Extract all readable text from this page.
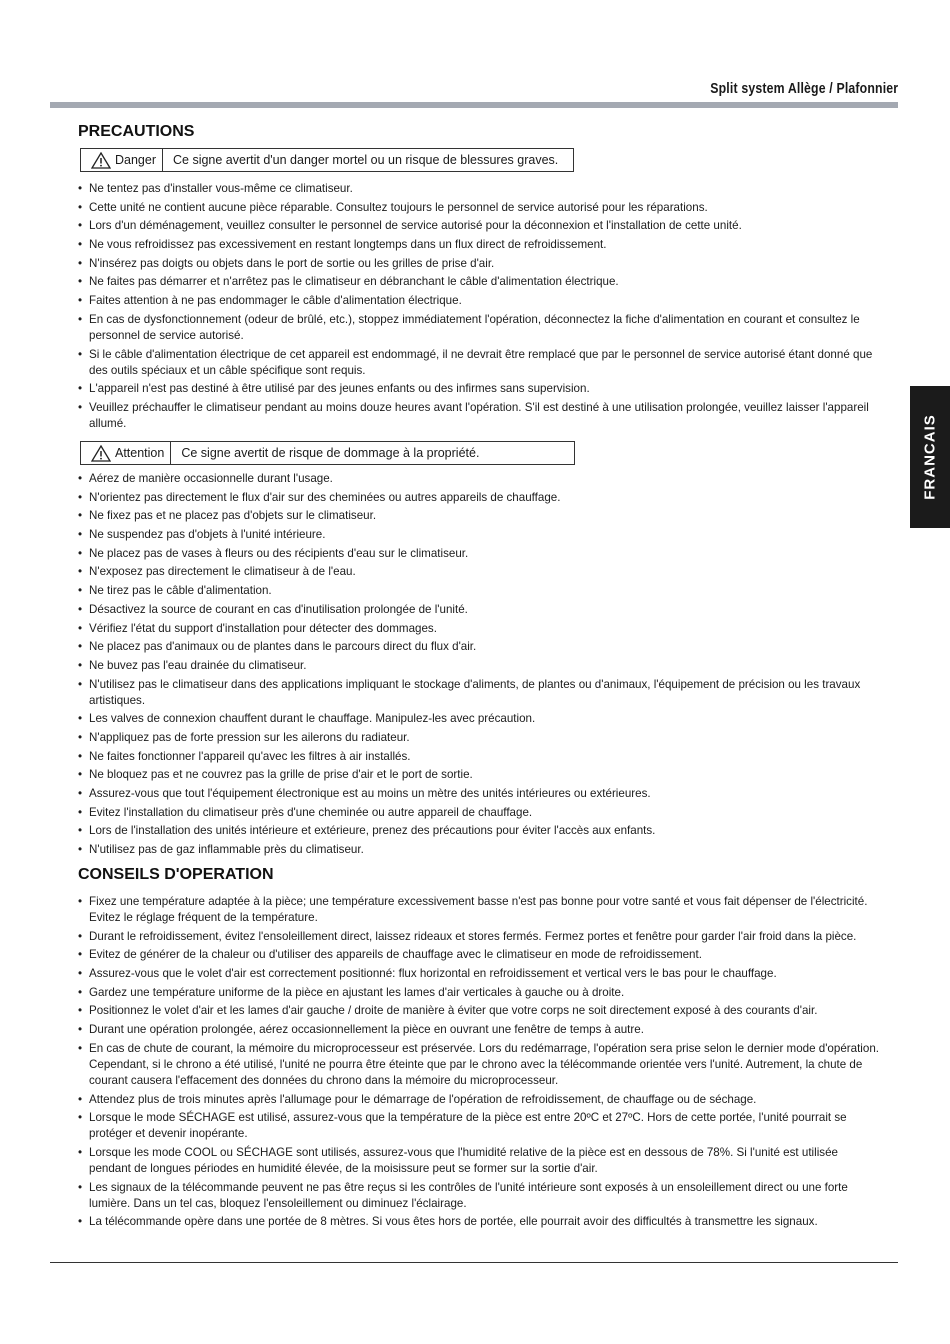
Split system Allège / Plafonnier
FRANCAIS
PRECAUTIONS
Danger	Ce signe avertit d'un danger mortel ou un risque de blessures graves.
• Ne tentez pas d'installer vous-même ce climatiseur.
• Cette unité ne contient aucune pièce réparable. Consultez toujours le personnel de service autorisé pour les réparations.
• Lors d'un déménagement, veuillez consulter le personnel de service autorisé pour la déconnexion et l'installation de cette unité.
• Ne vous refroidissez pas excessivement en restant longtemps dans un flux direct de refroidissement.
• N'insérez pas doigts ou objets dans le port de sortie ou les grilles de prise d'air.
• Ne faites pas démarrer et n'arrêtez pas le climatiseur en débranchant le câble d'alimentation électrique.
• Faites attention à ne pas endommager le câble d'alimentation électrique.
• En cas de dysfonctionnement (odeur de brûlé, etc.), stoppez immédiatement l'opération, déconnectez la fiche d'alimentation en courant et consultez le personnel de service autorisé.
• Si le câble d'alimentation électrique de cet appareil est endommagé, il ne devrait être remplacé que par le personnel de service autorisé étant donné que des outils spéciaux et un câble spécifique sont requis.
• L'appareil n'est pas destiné à être utilisé par des jeunes enfants ou des infirmes sans supervision.
• Veuillez préchauffer le climatiseur pendant au moins douze heures avant l'opération. S'il est destiné à une utilisation prolongée, veuillez laisser l'appareil allumé.
Attention	Ce signe avertit de risque de dommage à la propriété.
• Aérez de manière occasionnelle durant l'usage.
• N'orientez pas directement le flux d'air sur des cheminées ou autres appareils de chauffage.
• Ne fixez pas et ne placez pas d'objets sur le climatiseur.
• Ne suspendez pas d'objets à l'unité intérieure.
• Ne placez pas de vases à fleurs ou des récipients d'eau sur le climatiseur.
• N'exposez pas directement le climatiseur à de l'eau.
• Ne tirez pas le câble d'alimentation.
• Désactivez la source de courant en cas d'inutilisation prolongée de l'unité.
• Vérifiez l'état du support d'installation pour détecter des dommages.
• Ne placez pas d'animaux ou de plantes dans le parcours direct du flux d'air.
• Ne buvez pas l'eau drainée du climatiseur.
• N'utilisez pas le climatiseur dans des applications impliquant le stockage d'aliments, de plantes ou d'animaux, l'équipement de précision ou les travaux artistiques.
• Les valves de connexion chauffent durant le chauffage. Manipulez-les avec précaution.
• N'appliquez pas de forte pression sur les ailerons du radiateur.
• Ne faites fonctionner l'appareil qu'avec les filtres à air installés.
• Ne bloquez pas et ne couvrez pas la grille de prise d'air et le port de sortie.
• Assurez-vous que tout l'équipement électronique est au moins un mètre des unités intérieures ou extérieures.
• Evitez l'installation du climatiseur près d'une cheminée ou autre appareil de chauffage.
• Lors de l'installation des unités intérieure et extérieure, prenez des précautions pour éviter l'accès aux enfants.
• N'utilisez pas de gaz inflammable près du climatiseur.
CONSEILS D'OPERATION
• Fixez une température adaptée à la pièce; une température excessivement basse n'est pas bonne pour votre santé et vous fait dépenser de l'électricité. Evitez le réglage fréquent de la température.
• Durant le refroidissement, évitez l'ensoleillement direct, laissez rideaux et stores fermés. Fermez portes et fenêtre pour garder l'air froid dans la pièce.
• Evitez de générer de la chaleur ou d'utiliser des appareils de chauffage avec le climatiseur en mode de refroidissement.
• Assurez-vous que le volet d'air est correctement positionné: flux horizontal en refroidissement et vertical vers le bas pour le chauffage.
• Gardez une température uniforme de la pièce en ajustant les lames d'air verticales à gauche ou à droite.
• Positionnez le volet d'air et les lames d'air gauche / droite de manière à éviter que votre corps ne soit directement exposé à des courants d'air.
• Durant une opération prolongée, aérez occasionnellement la pièce en ouvrant une fenêtre de temps à autre.
• En cas de chute de courant, la mémoire du microprocesseur est préservée. Lors du redémarrage, l'opération sera prise selon le dernier mode d'opération. Cependant, si le chrono a été utilisé, l'unité ne pourra être éteinte que par le chrono avec la télécommande orientée vers l'unité. Autrement, la chute de courant causera l'effacement des données du chrono dans la mémoire du microprocesseur.
• Attendez plus de trois minutes après l'allumage pour le démarrage de l'opération de refroidissement, de chauffage ou de séchage.
• Lorsque le mode SÉCHAGE est utilisé, assurez-vous que la température de la pièce est entre 20ºC et 27ºC. Hors de cette portée, l'unité pourrait se protéger et devenir inopérante.
• Lorsque les mode COOL ou SÉCHAGE sont utilisés, assurez-vous que l'humidité relative de la pièce est en dessous de 78%. Si l'unité est utilisée pendant de longues périodes en humidité élevée, de la moisissure peut se former sur la sortie d'air.
• Les signaux de la télécommande peuvent ne pas être reçus si les contrôles de l'unité intérieure sont exposés à un ensoleillement direct ou une forte lumière. Dans un tel cas, bloquez l'ensoleillement ou diminuez l'éclairage.
• La télécommande opère dans une portée de 8 mètres. Si vous êtes hors de portée, elle pourrait avoir des difficultés à transmettre les signaux.
